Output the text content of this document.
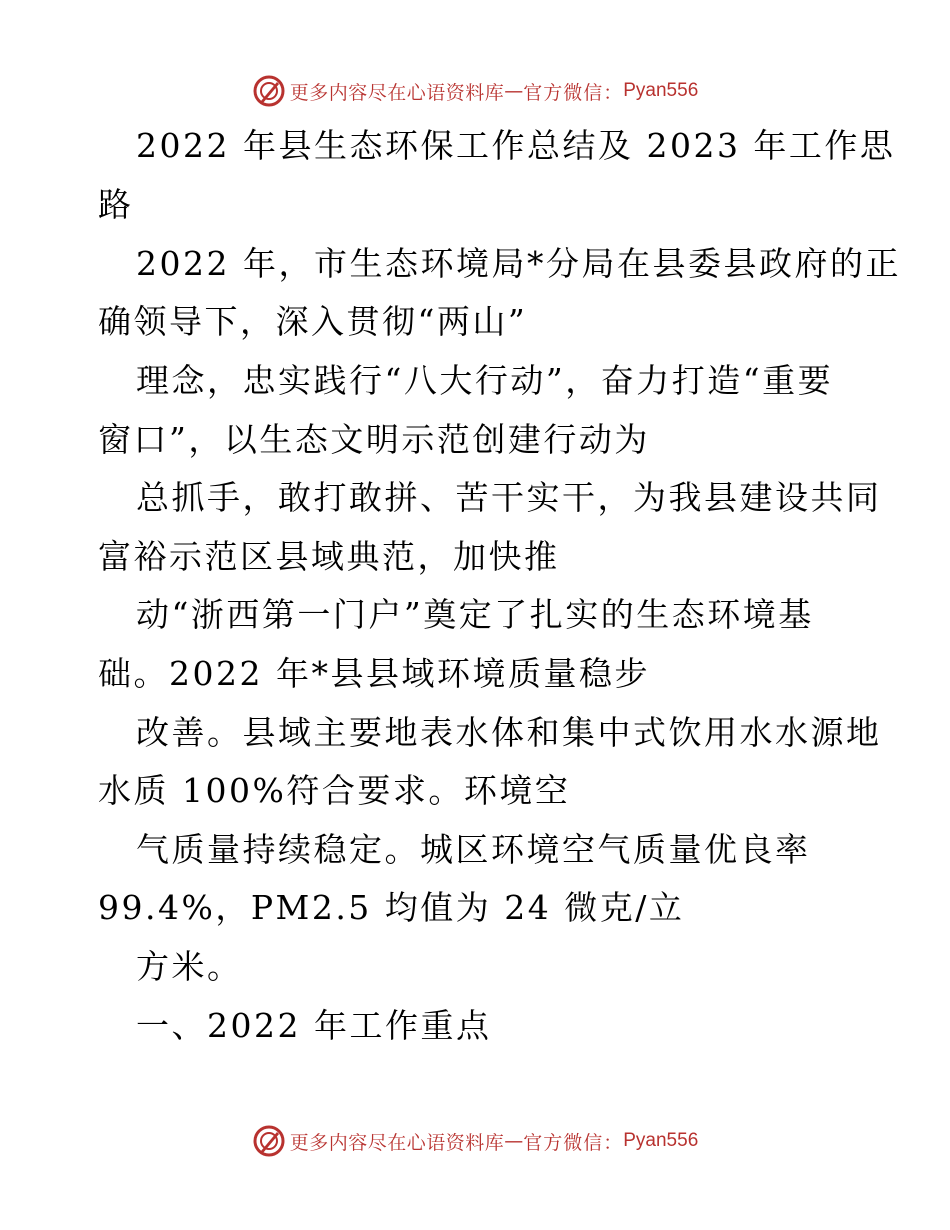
更多内容尽在心语资料库 — 官方微信： Pyan556
2022 年县生态环保工作总结及 2023 年工作思
路
2022 年，市生态环境局*分局在县委县政府的正
确领导下，深入贯彻“两山”
理念，忠实践行“八大行动”，奋力打造“重要
窗口”，以生态文明示范创建行动为
总抓手，敢打敢拼、苦干实干，为我县建设共同
富裕示范区县域典范，加快推
动“浙西第一门户”奠定了扎实的生态环境基
础。2022 年*县县域环境质量稳步
改善。县域主要地表水体和集中式饮用水水源地
水质 100%符合要求。环境空
气质量持续稳定。城区环境空气质量优良率
99.4%，PM2.5 均值为 24 微克/立
方米。
一、2022 年工作重点
更多内容尽在心语资料库 — 官方微信： Pyan556
